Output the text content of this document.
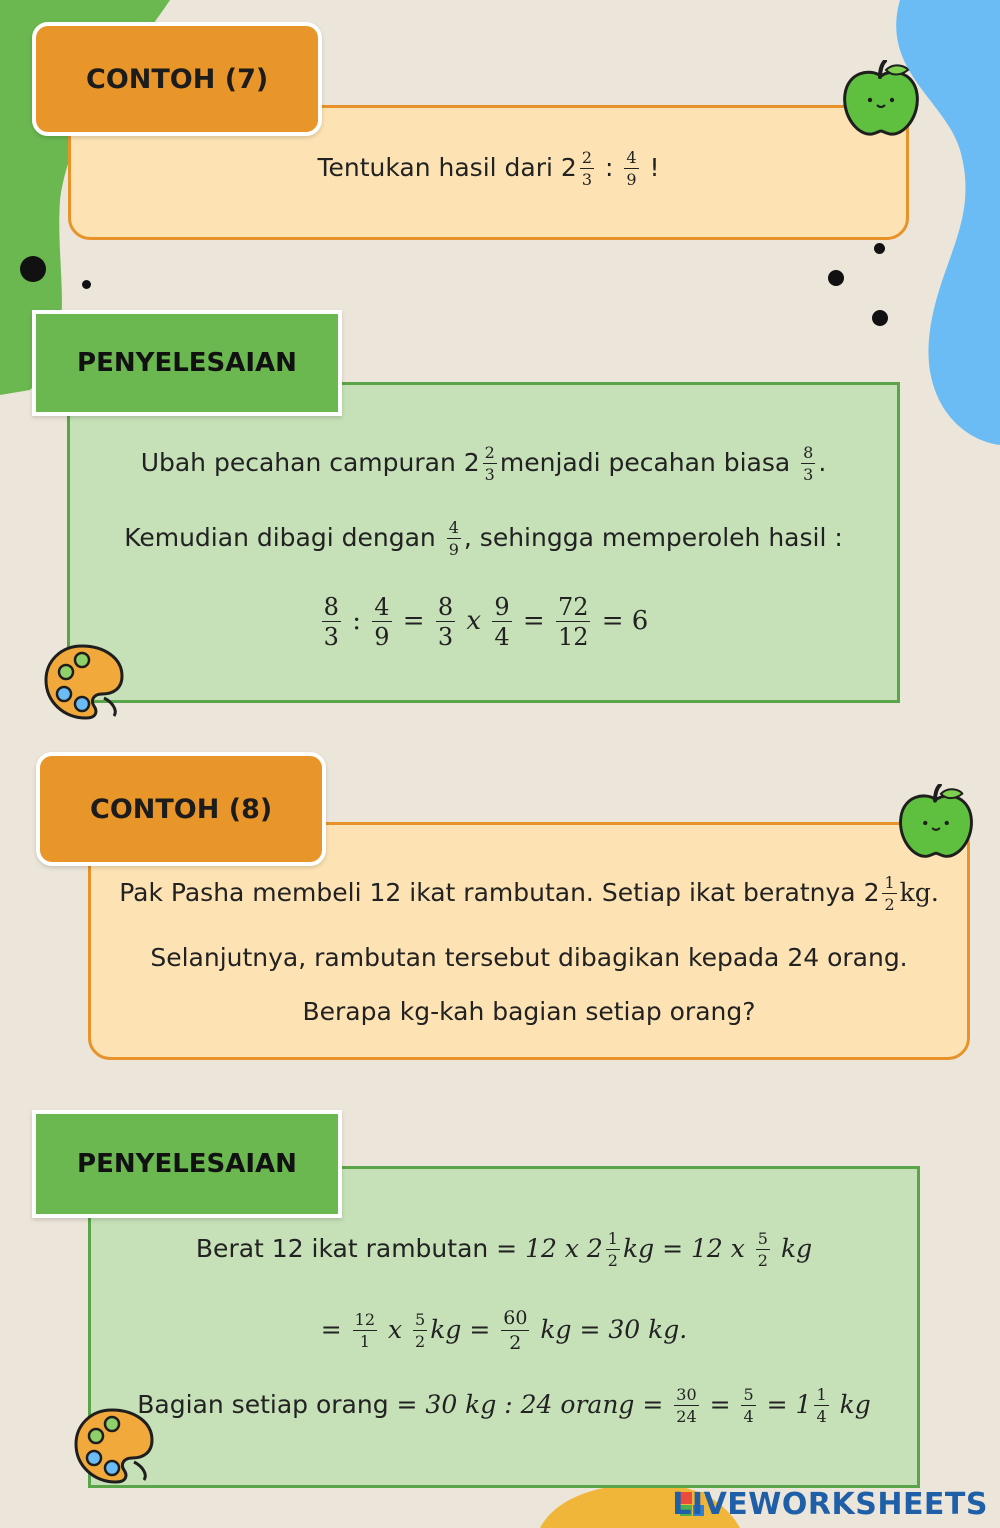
Tentukan hasil dari $2 \frac{2}{3}$ : $\frac{4}{9}$ !
CONTOH (7)
Ubah pecahan campuran $2 \frac{2}{3}$ menjadi pecahan biasa $\frac{8}{3}$ .
Kemudian dibagi dengan $\frac{4}{9}$ , sehingga memperoleh hasil :
$\frac{8}{3}$ : $\frac{4}{9} = \frac{8}{3}$ x $\frac{9}{4} = \frac{72}{12} = 6$
PENYELESAIAN
Pak Pasha membeli 12 ikat rambutan. Setiap ikat beratnya $2 \frac{1}{2}$ kg.
Selanjutnya, rambutan tersebut dibagikan kepada 24 orang.
Berapa kg-kah bagian setiap orang?
CONTOH (8)
Berat 12 ikat rambutan = 12 x $2 \frac{1}{2}$ kg = 12 x $\frac{5}{2}$ kg
= $\frac{12}{1}$ x $\frac{5}{2}$ kg = $\frac{60}{2}$ kg = 30 kg.
Bagian setiap orang = 30 kg : 24 orang = $\frac{30}{24} = \frac{5}{4} = 1 \frac{1}{4}$ kg
PENYELESAIAN
LIVEWORKSHEETS
